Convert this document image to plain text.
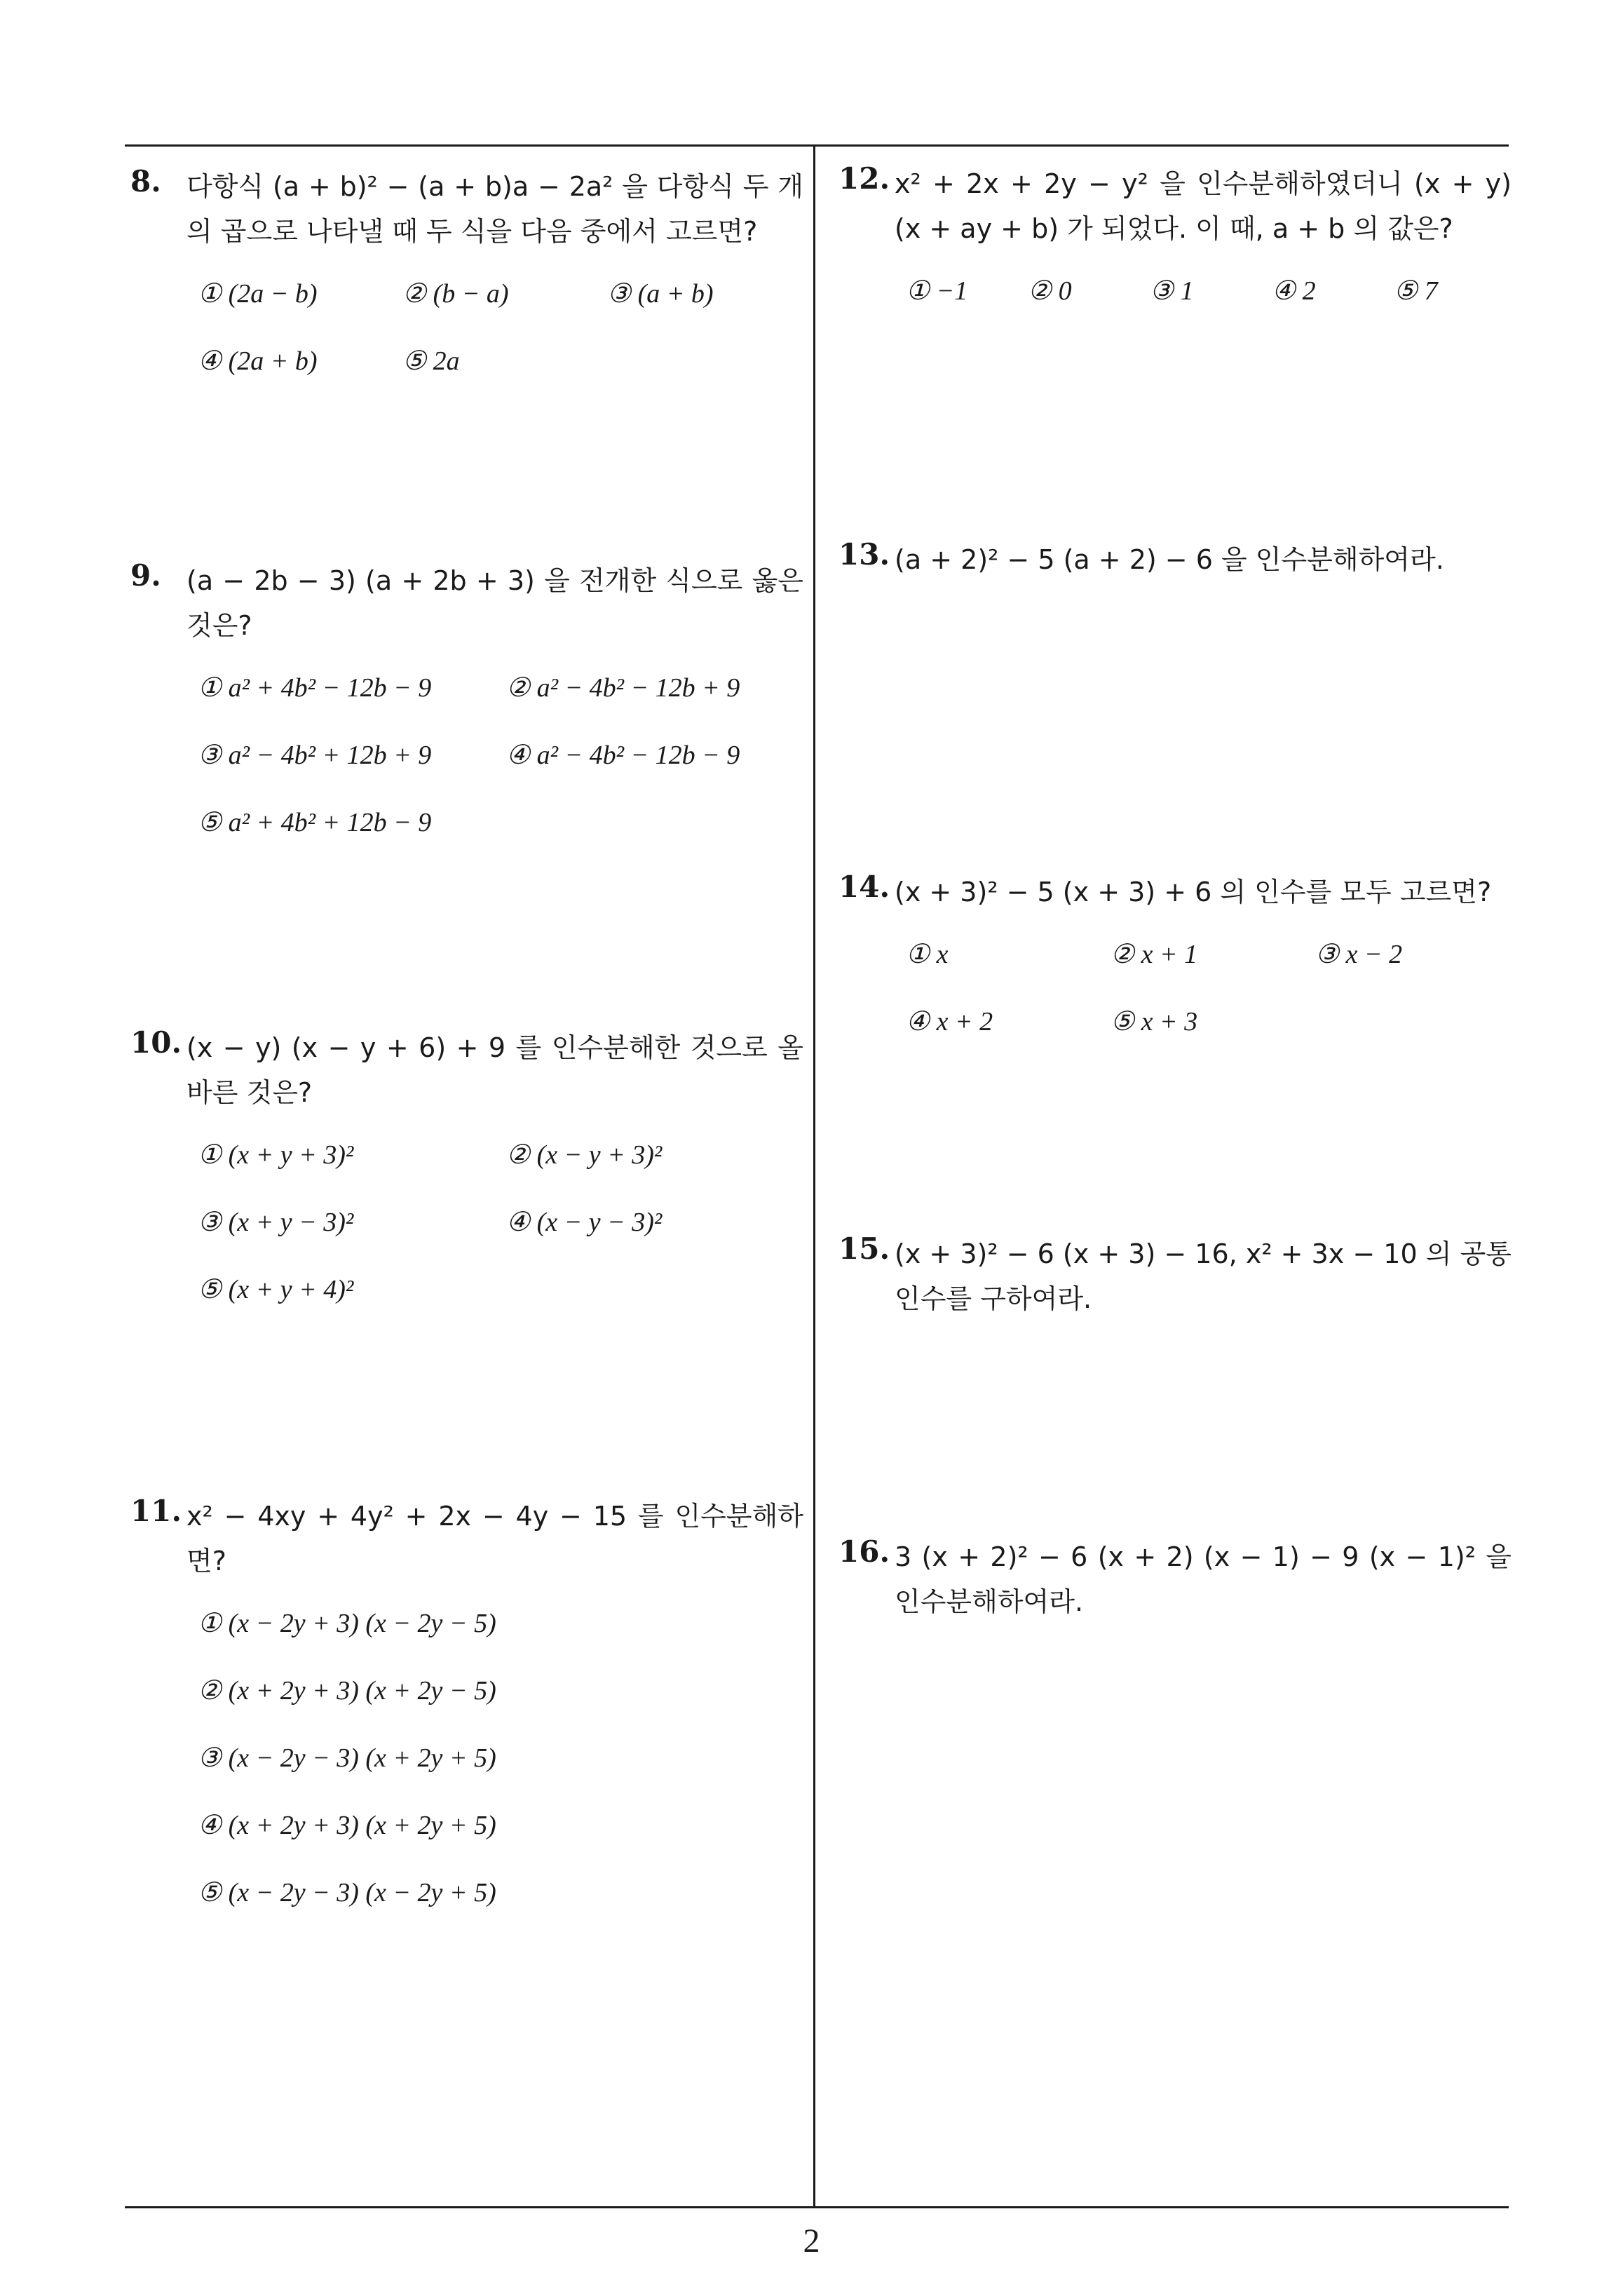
8. 다항식 (a + b)² − (a + b)a − 2a² 을 다항식 두 개의 곱으로 나타낼 때 두 식을 다음 중에서 고르면?
① (2a − b)	② (b − a)	③ (a + b)
④ (2a + b)	⑤ 2a
9. (a − 2b − 3) (a + 2b + 3) 을 전개한 식으로 옳은 것은?
① a² + 4b² − 12b − 9	② a² − 4b² − 12b + 9
③ a² − 4b² + 12b + 9	④ a² − 4b² − 12b − 9
⑤ a² + 4b² + 12b − 9
10. (x − y) (x − y + 6) + 9 를 인수분해한 것으로 올바른 것은?
① (x + y + 3)²	② (x − y + 3)²
③ (x + y − 3)²	④ (x − y − 3)²
⑤ (x + y + 4)²
11. x² − 4xy + 4y² + 2x − 4y − 15 를 인수분해하면?
① (x − 2y + 3) (x − 2y − 5)
② (x + 2y + 3) (x + 2y − 5)
③ (x − 2y − 3) (x + 2y + 5)
④ (x + 2y + 3) (x + 2y + 5)
⑤ (x − 2y − 3) (x − 2y + 5)
12. x² + 2x + 2y − y² 을 인수분해하였더니 (x + y) (x + ay + b) 가 되었다. 이 때, a + b 의 값은?
① −1 ② 0	③ 1	④ 2	⑤ 7
13. (a + 2)² − 5 (a + 2) − 6 을 인수분해하여라.
14. (x + 3)² − 5 (x + 3) + 6 의 인수를 모두 고르면?
① x	② x + 1	③ x − 2
④ x + 2	⑤ x + 3
15. (x + 3)² − 6 (x + 3) − 16, x² + 3x − 10 의 공통인수를 구하여라.
16. 3 (x + 2)² − 6 (x + 2) (x − 1) − 9 (x − 1)² 을 인수분해하여라.
2
